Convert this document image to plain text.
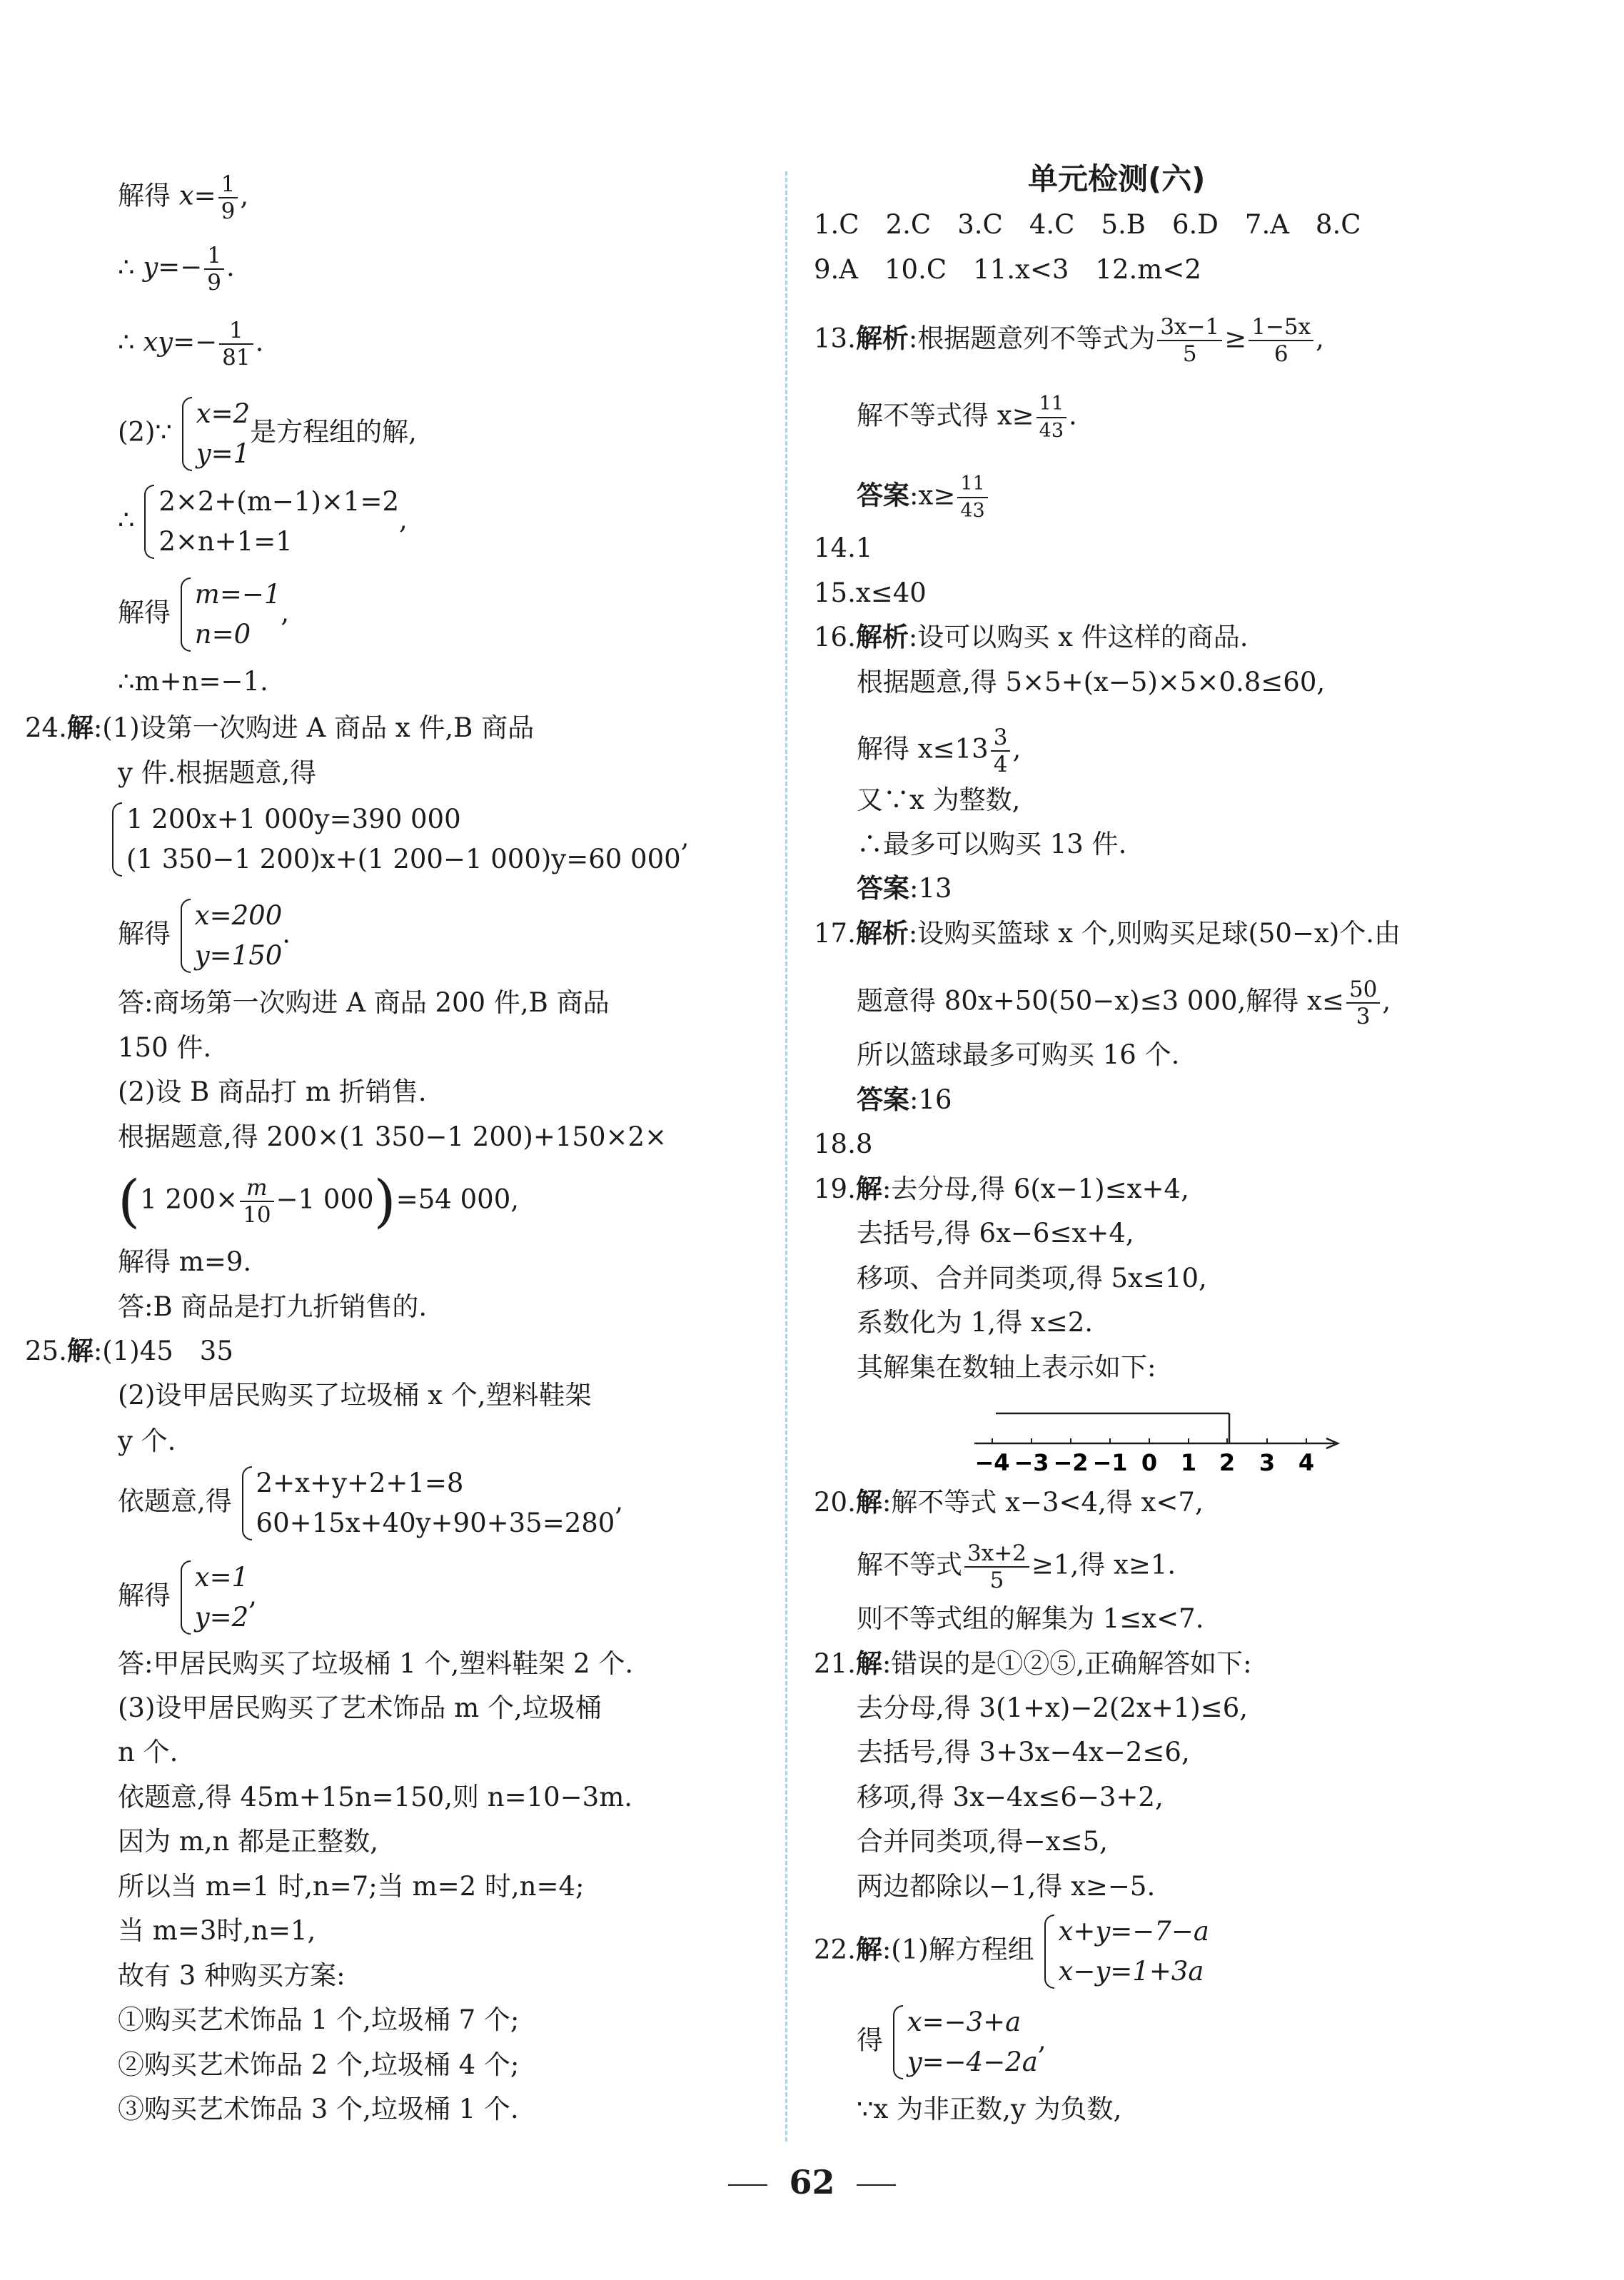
解得 $x= \frac{1}{9}$ ,
∴ $y=- \frac{1}{9}$ .
∴ $xy=- \frac{1}{81}$ .
(2)∵
x=2
y=1
是方程组的解,
∴
2×2+(m−1)×1=2
2×n+1=1
,
解得
m=−1
n=0
,
∴m+n=−1.
24.解:(1)设第一次购进 A 商品 x 件,B 商品
y 件.根据题意,得
1 200x+1 000y=390 000
(1 350−1 200)x+(1 200−1 000)y=60 000
,
解得
x=200
y=150
.
答:商场第一次购进 A 商品 200 件,B 商品
150 件.
(2)设 B 商品打 m 折销售.
根据题意,得 200×(1 350−1 200)+150×2×
(1 $200\times \frac{m}{10} -1$ 000)=54 000,
解得 m=9.
答:B 商品是打九折销售的.
25.解:(1)45　35
(2)设甲居民购买了垃圾桶 x 个,塑料鞋架
y 个.
依题意,得
2+x+y+2+1=8
60+15x+40y+90+35=280
,
解得
x=1
y=2
,
答:甲居民购买了垃圾桶 1 个,塑料鞋架 2 个.
(3)设甲居民购买了艺术饰品 m 个,垃圾桶
n 个.
依题意,得 45m+15n=150,则 n=10−3m.
因为 m,n 都是正整数,
所以当 m=1 时,n=7;当 m=2 时,n=4;
当 m=3时,n=1,
故有 3 种购买方案:
①购买艺术饰品 1 个,垃圾桶 7 个;
②购买艺术饰品 2 个,垃圾桶 4 个;
③购买艺术饰品 3 个,垃圾桶 1 个.
单元检测(六)
1.C　2.C　3.C　4.C　5.B　6.D　7.A　8.C
9.A　10.C　11.x<3　12.m<2
13.解析:根据题意列不等式为 $\frac{3x-1}{5} \ge \frac{1-5x}{6}$ ,
解不等式得 $x\ge \frac{11}{43}$ .
答案:x≥ $\frac{11}{43}$
14.1
15.x≤40
16.解析:设可以购买 x 件这样的商品.
根据题意,得 5×5+(x−5)×5×0.8≤60,
解得 $x\le 13 \frac{3}{4}$ ,
又∵x 为整数,
∴最多可以购买 13 件.
答案:13
17.解析:设购买篮球 x 个,则购买足球(50−x)个.由
题意得 80x+50(50−x)≤3 000,解得 $x\le \frac{50}{3}$ ,
所以篮球最多可购买 16 个.
答案:16
18.8
19.解:去分母,得 6(x−1)≤x+4,
去括号,得 6x−6≤x+4,
移项、合并同类项,得 5x≤10,
系数化为 1,得 x≤2.
其解集在数轴上表示如下:
−4 −3 −2 −1 0 1 2 3 4
20.解:解不等式 x−3<4,得 x<7,
解不等式 $\frac{3x+2}{5} \ge 1$,得 x≥1.
则不等式组的解集为 1≤x<7.
21.解:错误的是①②⑤,正确解答如下:
去分母,得 3(1+x)−2(2x+1)≤6,
去括号,得 3+3x−4x−2≤6,
移项,得 3x−4x≤6−3+2,
合并同类项,得−x≤5,
两边都除以−1,得 x≥−5.
22.解:(1)解方程组
x+y=−7−a
x−y=1+3a
得
x=−3+a
y=−4−2a
,
∵x 为非正数,y 为负数,
62
